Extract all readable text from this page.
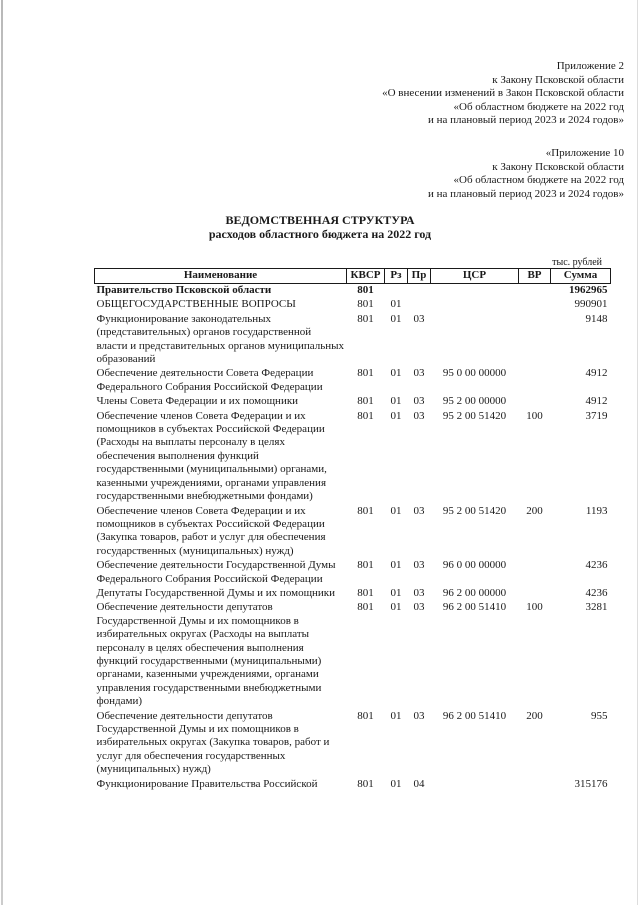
Приложение 2
к Закону Псковской области
«О внесении изменений в Закон Псковской области
«Об областном бюджете на 2022 год
и на плановый период 2023 и 2024 годов»
«Приложение 10
к Закону Псковской области
«Об областном бюджете на 2022 год
и на плановый период 2023 и 2024 годов»
ВЕДОМСТВЕННАЯ СТРУКТУРА
расходов областного бюджета на 2022 год
тыс. рублей
Наименование	КВСР	Рз	Пр	ЦСР	ВР	Сумма
Правительство Псковской области	801					1962965
ОБЩЕГОСУДАРСТВЕННЫЕ ВОПРОСЫ	801	01				990901
Функционирование законодательных (представительных) органов государственной власти и представительных органов муниципальных образований	801	01	03			9148
Обеспечение деятельности Совета Федерации Федерального Собрания Российской Федерации	801	01	03	95 0 00 00000		4912
Члены Совета Федерации и их помощники	801	01	03	95 2 00 00000		4912
Обеспечение членов Совета Федерации и их помощников в субъектах Российской Федерации (Расходы на выплаты персоналу в целях обеспечения выполнения функций государственными (муниципальными) органами, казенными учреждениями, органами управления государственными внебюджетными фондами)	801	01	03	95 2 00 51420	100	3719
Обеспечение членов Совета Федерации и их помощников в субъектах Российской Федерации (Закупка товаров, работ и услуг для обеспечения государственных (муниципальных) нужд)	801	01	03	95 2 00 51420	200	1193
Обеспечение деятельности Государственной Думы Федерального Собрания Российской Федерации	801	01	03	96 0 00 00000		4236
Депутаты Государственной Думы и их помощники	801	01	03	96 2 00 00000		4236
Обеспечение деятельности депутатов Государственной Думы и их помощников в избирательных округах (Расходы на выплаты персоналу в целях обеспечения выполнения функций государственными (муниципальными) органами, казенными учреждениями, органами управления государственными внебюджетными фондами)	801	01	03	96 2 00 51410	100	3281
Обеспечение деятельности депутатов Государственной Думы и их помощников в избирательных округах (Закупка товаров, работ и услуг для обеспечения государственных (муниципальных) нужд)	801	01	03	96 2 00 51410	200	955
Функционирование Правительства Российской	801	01	04			315176
